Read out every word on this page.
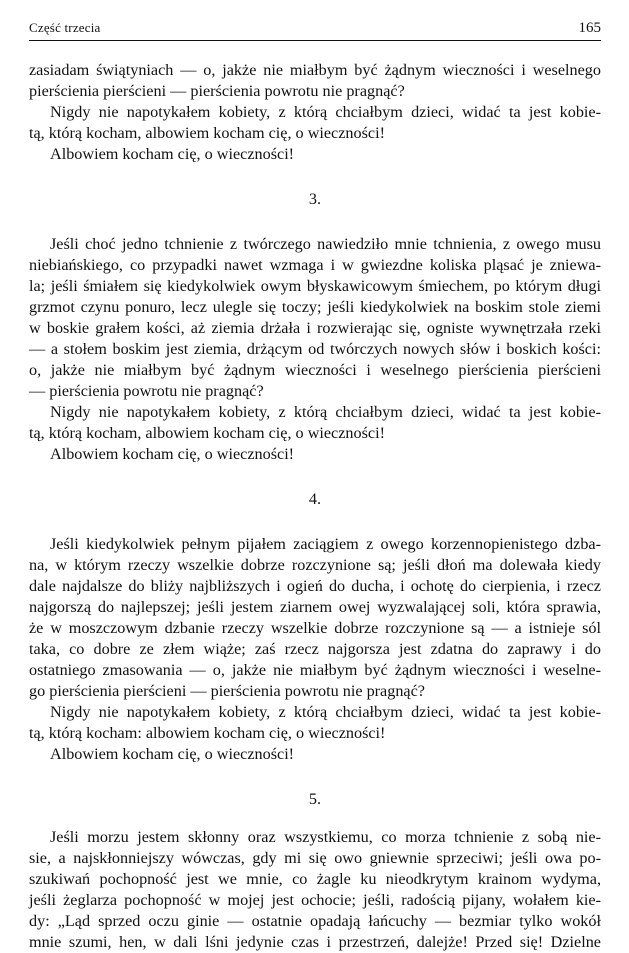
Część trzecia	165
zasiadam świątyniach — o, jakże nie miałbym być żądnym wieczności i weselnego
pierścienia pierścieni — pierścienia powrotu nie pragnąć?
Nigdy nie napotykałem kobiety, z którą chciałbym dzieci, widać ta jest kobie-
tą, którą kocham, albowiem kocham cię, o wieczności!
Albowiem kocham cię, o wieczności!
3.
Jeśli choć jedno tchnienie z twórczego nawiedziło mnie tchnienia, z owego musu
niebiańskiego, co przypadki nawet wzmaga i w gwiezdne koliska pląsać je zniewa-
la; jeśli śmiałem się kiedykolwiek owym błyskawicowym śmiechem, po którym długi
grzmot czynu ponuro, lecz ulegle się toczy; jeśli kiedykolwiek na boskim stole ziemi
w boskie grałem kości, aż ziemia drżała i rozwierając się, ogniste wywnętrzała rzeki
— a stołem boskim jest ziemia, drżącym od twórczych nowych słów i boskich kości:
o, jakże nie miałbym być żądnym wieczności i weselnego pierścienia pierścieni
— pierścienia powrotu nie pragnąć?
Nigdy nie napotykałem kobiety, z którą chciałbym dzieci, widać ta jest kobie-
tą, którą kocham, albowiem kocham cię, o wieczności!
Albowiem kocham cię, o wieczności!
4.
Jeśli kiedykolwiek pełnym pijałem zaciągiem z owego korzennopienistego dzba-
na, w którym rzeczy wszelkie dobrze rozczynione są; jeśli dłoń ma dolewała kiedy
dale najdalsze do bliży najbliższych i ogień do ducha, i ochotę do cierpienia, i rzecz
najgorszą do najlepszej; jeśli jestem ziarnem owej wyzwalającej soli, która sprawia,
że w moszczowym dzbanie rzeczy wszelkie dobrze rozczynione są — a istnieje sól
taka, co dobre ze złem wiąże; zaś rzecz najgorsza jest zdatna do zaprawy i do
ostatniego zmasowania — o, jakże nie miałbym być żądnym wieczności i weselne-
go pierścienia pierścieni — pierścienia powrotu nie pragnąć?
Nigdy nie napotykałem kobiety, z którą chciałbym dzieci, widać ta jest kobie-
tą, którą kocham: albowiem kocham cię, o wieczności!
Albowiem kocham cię, o wieczności!
5.
Jeśli morzu jestem skłonny oraz wszystkiemu, co morza tchnienie z sobą nie-
sie, a najskłonniejszy wówczas, gdy mi się owo gniewnie sprzeciwi; jeśli owa po-
szukiwań pochopność jest we mnie, co żagle ku nieodkrytym krainom wydyma,
jeśli żeglarza pochopność w mojej jest ochocie; jeśli, radością pijany, wołałem kie-
dy: „Ląd sprzed oczu ginie — ostatnie opadają łańcuchy — bezmiar tylko wokół
mnie szumi, hen, w dali lśni jedynie czas i przestrzeń, dalejże! Przed się! Dzielne
